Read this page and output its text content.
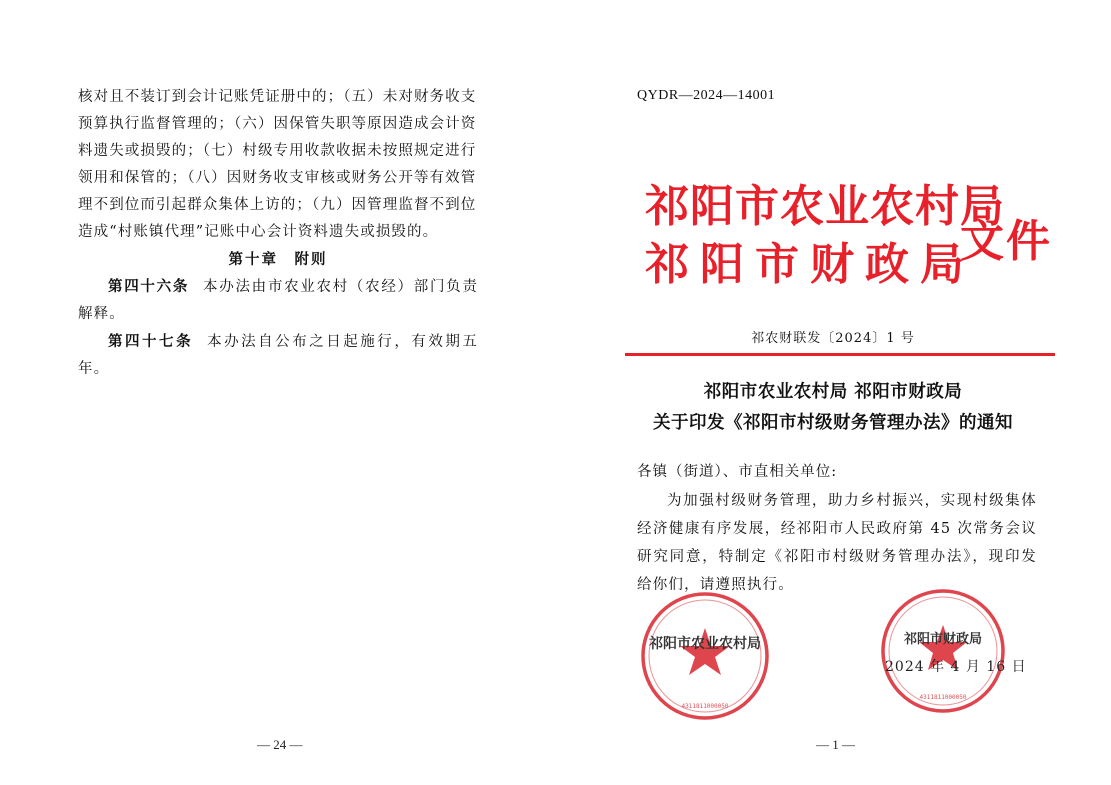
核对且不装订到会计记账凭证册中的；（五）未对财务收支

预算执行监督管理的；（六）因保管失职等原因造成会计资

料遗失或损毁的；（七）村级专用收款收据未按照规定进行

领用和保管的；（八）因财务收支审核或财务公开等有效管

理不到位而引起群众集体上访的；（九）因管理监督不到位

造成“村账镇代理”记账中心会计资料遗失或损毁的。

第十章　附则

第四十六条 本办法由市农业农村（农经）部门负责解释。

第四十七条 本办法自公布之日起施行，有效期五年。

— 24 —
QYDR—2024—14001
祁阳市农业农村局
祁阳市财政局
文件
祁农财联发〔2024〕1 号
祁阳市农业农村局 祁阳市财政局
关于印发《祁阳市村级财务管理办法》的通知
各镇（街道）、市直相关单位:

为加强村级财务管理，助力乡村振兴，实现村级集体经济健康有序发展，经祁阳市人民政府第 45 次常务会议研究同意，特制定《祁阳市村级财务管理办法》，现印发给你们，请遵照执行。

祁阳市农业农村局
4311811000050
祁阳市财政局
4311811000050
2024 年 4 月 16 日
— 1 —
